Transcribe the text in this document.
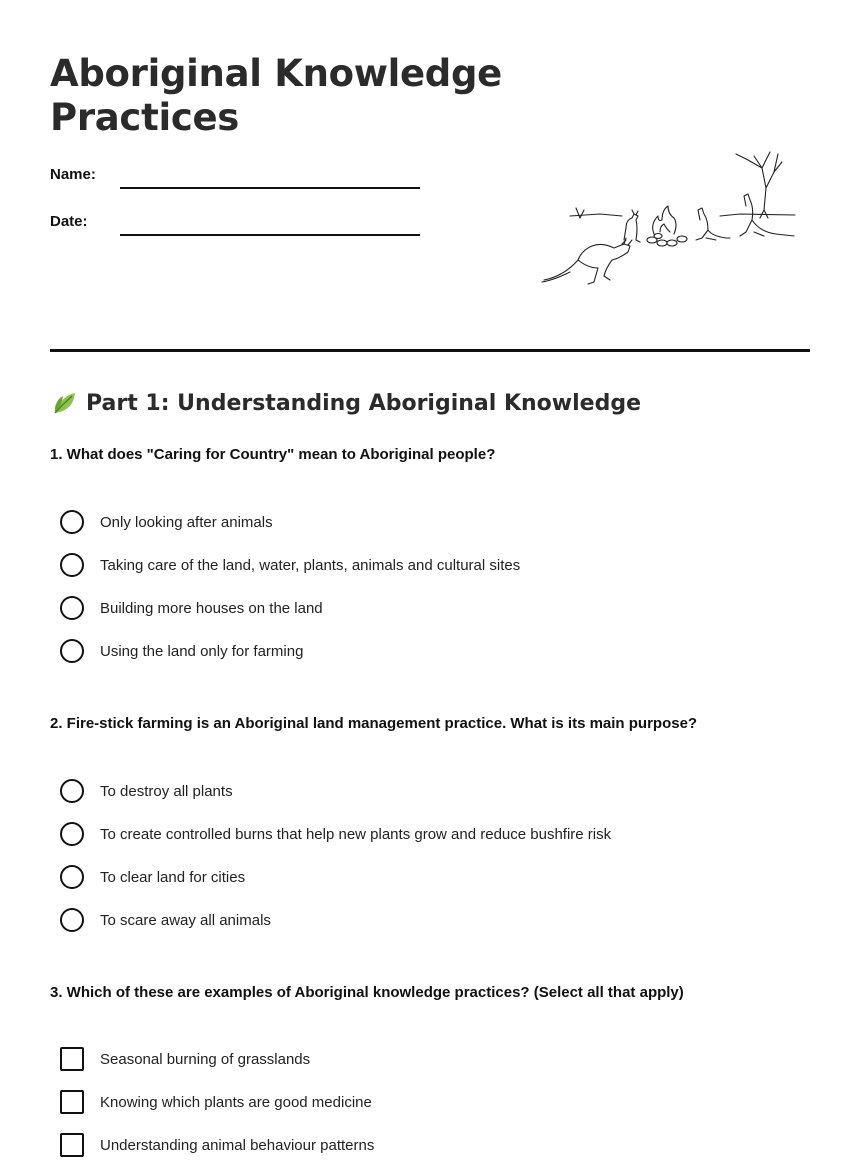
Aboriginal Knowledge Practices
Name:
Date:
Part 1: Understanding Aboriginal Knowledge

1. What does "Caring for Country" mean to Aboriginal people?

Only looking after animals
Taking care of the land, water, plants, animals and cultural sites
Building more houses on the land
Using the land only for farming

2. Fire-stick farming is an Aboriginal land management practice. What is its main purpose?

To destroy all plants
To create controlled burns that help new plants grow and reduce bushfire risk
To clear land for cities
To scare away all animals

3. Which of these are examples of Aboriginal knowledge practices? (Select all that apply)

Seasonal burning of grasslands
Knowing which plants are good medicine
Understanding animal behaviour patterns
